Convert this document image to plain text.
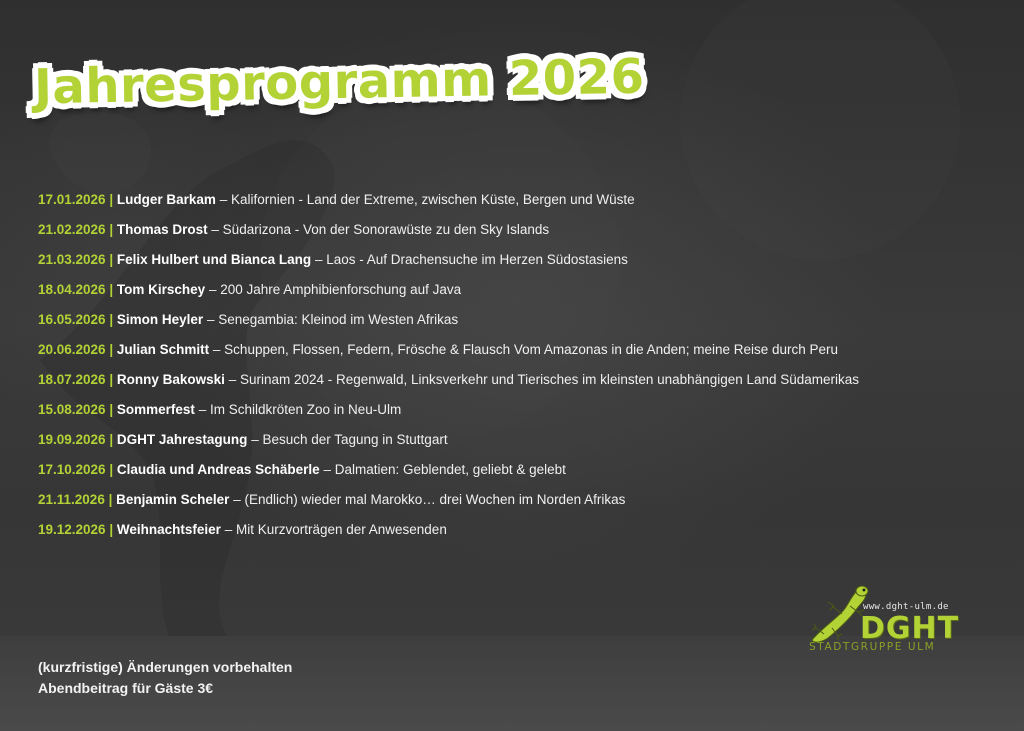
Jahresprogramm 2026
17.01.2026 | Ludger Barkam – Kalifornien - Land der Extreme, zwischen Küste, Bergen und Wüste
21.02.2026 | Thomas Drost – Südarizona - Von der Sonorawüste zu den Sky Islands
21.03.2026 | Felix Hulbert und Bianca Lang – Laos - Auf Drachensuche im Herzen Südostasiens
18.04.2026 | Tom Kirschey – 200 Jahre Amphibienforschung auf Java
16.05.2026 | Simon Heyler – Senegambia: Kleinod im Westen Afrikas
20.06.2026 | Julian Schmitt – Schuppen, Flossen, Federn, Frösche & Flausch Vom Amazonas in die Anden; meine Reise durch Peru
18.07.2026 | Ronny Bakowski – Surinam 2024 - Regenwald, Linksverkehr und Tierisches im kleinsten unabhängigen Land Südamerikas
15.08.2026 | Sommerfest – Im Schildkröten Zoo in Neu-Ulm
19.09.2026 | DGHT Jahrestagung – Besuch der Tagung in Stuttgart
17.10.2026 | Claudia und Andreas Schäberle – Dalmatien: Geblendet, geliebt & gelebt
21.11.2026 | Benjamin Scheler – (Endlich) wieder mal Marokko… drei Wochen im Norden Afrikas
19.12.2026 | Weihnachtsfeier – Mit Kurzvorträgen der Anwesenden
(kurzfristige) Änderungen vorbehalten
Abendbeitrag für Gäste 3€
www.dght-ulm.de
DGHT
STADTGRUPPE ULM
